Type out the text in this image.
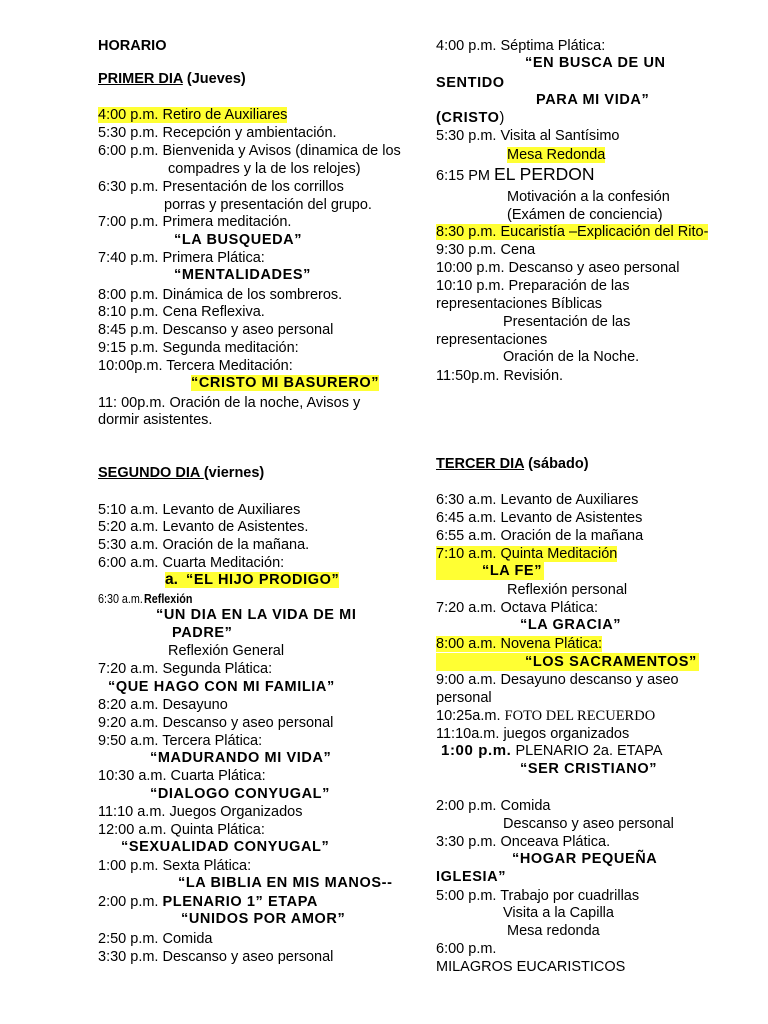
HORARIO
PRIMER DIA (Jueves)
4:00 p.m. Retiro de Auxiliares
5:30 p.m. Recepción y ambientación.
6:00 p.m. Bienvenida y Avisos (dinamica de los
compadres y la de los relojes)
6:30 p.m. Presentación de los corrillos
porras y presentación del grupo.
7:00 p.m. Primera meditación.
“LA BUSQUEDA”
7:40 p.m. Primera Plática:
“MENTALIDADES”
8:00 p.m. Dinámica de los sombreros.
8:10 p.m. Cena Reflexiva.
8:45 p.m. Descanso y aseo personal
9:15 p.m. Segunda meditación:
10:00p.m. Tercera Meditación:
“CRISTO MI BASURERO”
11: 00p.m. Oración de la noche, Avisos y
dormir asistentes.
SEGUNDO DIA (viernes)
5:10 a.m. Levanto de Auxiliares
5:20 a.m. Levanto de Asistentes.
5:30 a.m. Oración de la mañana.
6:00 a.m. Cuarta Meditación:
a. “EL HIJO PRODIGO”
6:30 a.m.Reflexión
“UN DIA EN LA VIDA DE MI
PADRE”
Reflexión General
7:20 a.m. Segunda Plática:
“QUE HAGO CON MI FAMILIA”
8:20 a.m. Desayuno
9:20 a.m. Descanso y aseo personal
9:50 a.m. Tercera Plática:
“MADURANDO MI VIDA”
10:30 a.m. Cuarta Plática:
“DIALOGO CONYUGAL”
11:10 a.m. Juegos Organizados
12:00 a.m. Quinta Plática:
“SEXUALIDAD CONYUGAL”
1:00 p.m. Sexta Plática:
“LA BIBLIA EN MIS MANOS--
2:00 p.m. PLENARIO 1” ETAPA
“UNIDOS POR AMOR”
2:50 p.m. Comida
3:30 p.m. Descanso y aseo personal
4:00 p.m. Séptima Plática:
“EN BUSCA DE UN
SENTIDO
PARA MI VIDA”
(CRISTO)
5:30 p.m. Visita al Santísimo
Mesa Redonda
6:15 PM EL PERDON
Motivación a la confesión
(Exámen de conciencia)
8:30 p.m. Eucaristía –Explicación del Rito-
9:30 p.m. Cena
10:00 p.m. Descanso y aseo personal
10:10 p.m. Preparación de las
representaciones Bíblicas
Presentación de las
representaciones
Oración de la Noche.
11:50p.m. Revisión.
TERCER DIA (sábado)
6:30 a.m. Levanto de Auxiliares
6:45 a.m. Levanto de Asistentes
6:55 a.m. Oración de la mañana
7:10 a.m. Quinta Meditación
“LA FE”
Reflexión personal
7:20 a.m. Octava Plática:
“LA GRACIA”
8:00 a.m. Novena Plática:
“LOS SACRAMENTOS”
9:00 a.m. Desayuno descanso y aseo
personal
10:25a.m. FOTO DEL RECUERDO
11:10a.m. juegos organizados
1:00 p.m. PLENARIO 2a. ETAPA
“SER CRISTIANO”
2:00 p.m. Comida
Descanso y aseo personal
3:30 p.m. Onceava Plática.
“HOGAR PEQUEÑA
IGLESIA”
5:00 p.m. Trabajo por cuadrillas
Visita a la Capilla
Mesa redonda
6:00 p.m.
MILAGROS EUCARISTICOS
